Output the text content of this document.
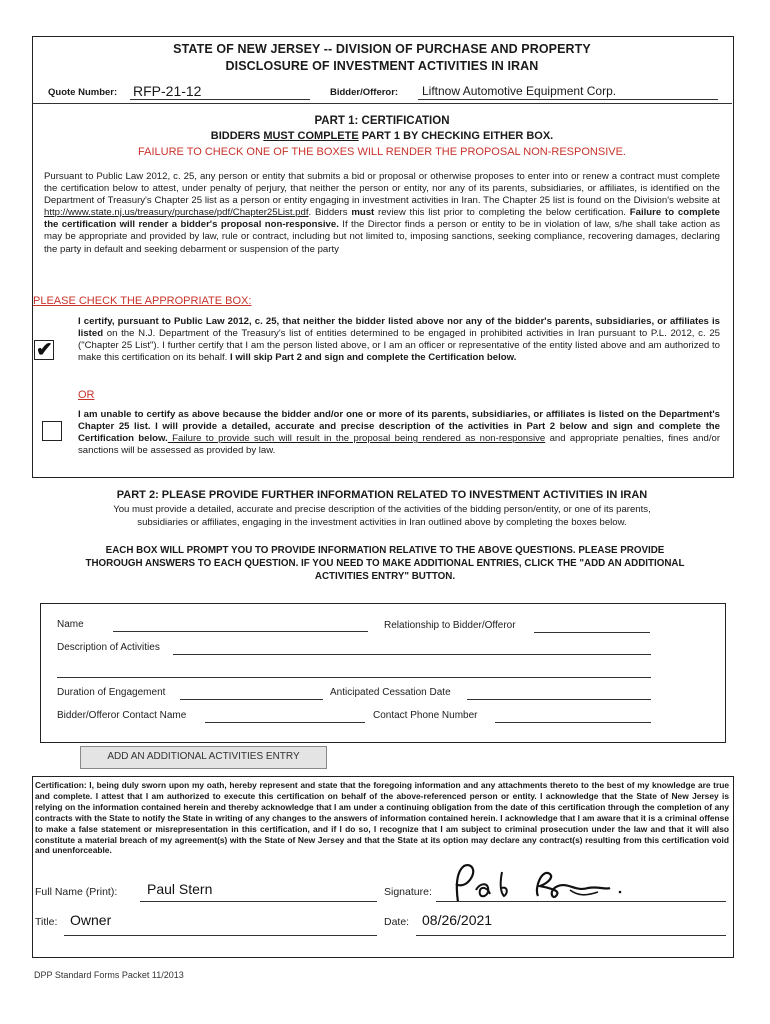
STATE OF NEW JERSEY -- DIVISION OF PURCHASE AND PROPERTY
DISCLOSURE OF INVESTMENT ACTIVITIES IN IRAN
Quote Number: RFP-21-12	Bidder/Offeror: Liftnow Automotive Equipment Corp.
PART 1: CERTIFICATION
BIDDERS MUST COMPLETE PART 1 BY CHECKING EITHER BOX.
FAILURE TO CHECK ONE OF THE BOXES WILL RENDER THE PROPOSAL NON-RESPONSIVE.
Pursuant to Public Law 2012, c. 25, any person or entity that submits a bid or proposal or otherwise proposes to enter into or renew a contract must complete the certification below to attest, under penalty of perjury, that neither the person or entity, nor any of its parents, subsidiaries, or affiliates, is identified on the Department of Treasury's Chapter 25 list as a person or entity engaging in investment activities in Iran. The Chapter 25 list is found on the Division's website at http://www.state.nj.us/treasury/purchase/pdf/Chapter25List.pdf. Bidders must review this list prior to completing the below certification. Failure to complete the certification will render a bidder's proposal non-responsive. If the Director finds a person or entity to be in violation of law, s/he shall take action as may be appropriate and provided by law, rule or contract, including but not limited to, imposing sanctions, seeking compliance, recovering damages, declaring the party in default and seeking debarment or suspension of the party
PLEASE CHECK THE APPROPRIATE BOX:
✔
I certify, pursuant to Public Law 2012, c. 25, that neither the bidder listed above nor any of the bidder's parents, subsidiaries, or affiliates is listed on the N.J. Department of the Treasury's list of entities determined to be engaged in prohibited activities in Iran pursuant to P.L. 2012, c. 25 ("Chapter 25 List"). I further certify that I am the person listed above, or I am an officer or representative of the entity listed above and am authorized to make this certification on its behalf. I will skip Part 2 and sign and complete the Certification below.
OR
I am unable to certify as above because the bidder and/or one or more of its parents, subsidiaries, or affiliates is listed on the Department's Chapter 25 list. I will provide a detailed, accurate and precise description of the activities in Part 2 below and sign and complete the Certification below. Failure to provide such will result in the proposal being rendered as non-responsive and appropriate penalties, fines and/or sanctions will be assessed as provided by law.
PART 2: PLEASE PROVIDE FURTHER INFORMATION RELATED TO INVESTMENT ACTIVITIES IN IRAN
You must provide a detailed, accurate and precise description of the activities of the bidding person/entity, or one of its parents,
subsidiaries or affiliates, engaging in the investment activities in Iran outlined above by completing the boxes below.
EACH BOX WILL PROMPT YOU TO PROVIDE INFORMATION RELATIVE TO THE ABOVE QUESTIONS. PLEASE PROVIDE
THOROUGH ANSWERS TO EACH QUESTION. IF YOU NEED TO MAKE ADDITIONAL ENTRIES, CLICK THE "ADD AN ADDITIONAL
ACTIVITIES ENTRY" BUTTON.
Name	Relationship to Bidder/Offeror
Description of Activities
Duration of Engagement	Anticipated Cessation Date
Bidder/Offeror Contact Name	Contact Phone Number
ADD AN ADDITIONAL ACTIVITIES ENTRY
Certification: I, being duly sworn upon my oath, hereby represent and state that the foregoing information and any attachments thereto to the best of my knowledge are true and complete. I attest that I am authorized to execute this certification on behalf of the above-referenced person or entity. I acknowledge that the State of New Jersey is relying on the information contained herein and thereby acknowledge that I am under a continuing obligation from the date of this certification through the completion of any contracts with the State to notify the State in writing of any changes to the answers of information contained herein. I acknowledge that I am aware that it is a criminal offense to make a false statement or misrepresentation in this certification, and if I do so, I recognize that I am subject to criminal prosecution under the law and that it will also constitute a material breach of my agreement(s) with the State of New Jersey and that the State at its option may declare any contract(s) resulting from this certification void and unenforceable.
Full Name (Print): Paul Stern	Signature:
Title: Owner	Date: 08/26/2021
DPP Standard Forms Packet 11/2013
